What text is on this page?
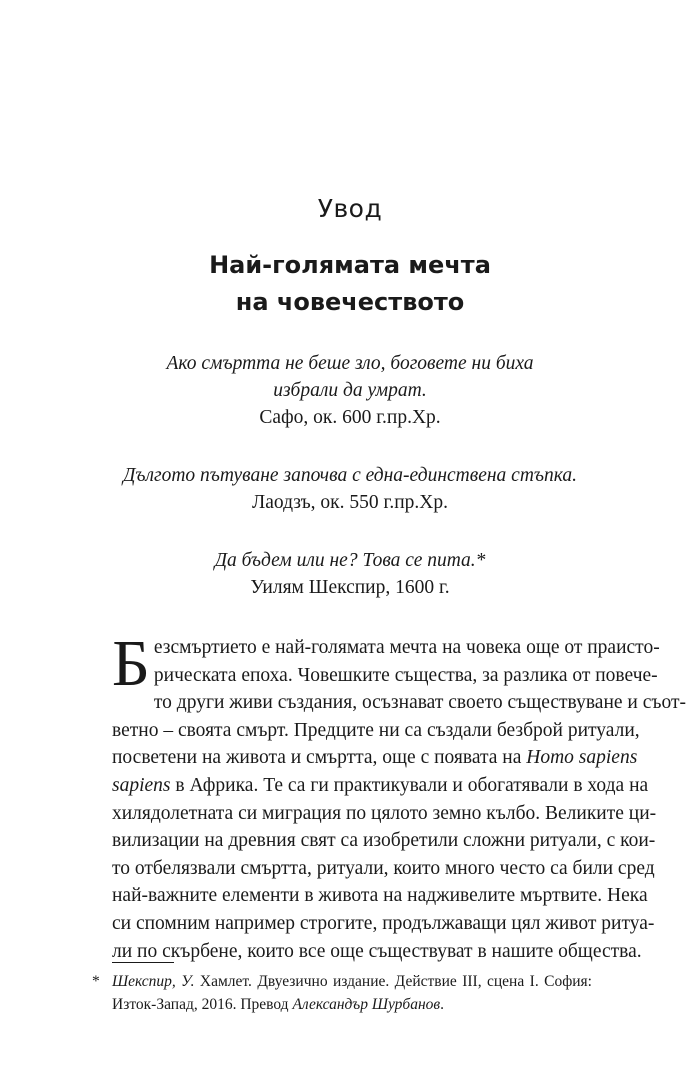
Увод
Най-голямата мечта
на човечеството
Ако смъртта не беше зло, боговете ни биха
избрали да умрат.
Сафо, ок. 600 г.пр.Хр.
Дългото пътуване започва с една-единствена стъпка.
Лаодзъ, ок. 550 г.пр.Хр.
Да бъдем или не? Това се пита.*
Уилям Шекспир, 1600 г.
Б езсмъртието е най-голямата мечта на човека още от праисто-
рическата епоха. Човешките същества, за разлика от повече-
то други живи създания, осъзнават своето съществуване и съот-
ветно – своята смърт. Предците ни са създали безброй ритуали,
посветени на живота и смъртта, още с появата на Homo sapiens
sapiens в Африка. Те са ги практикували и обогатявали в хода на
хилядолетната си миграция по цялото земно кълбо. Великите ци-
вилизации на древния свят са изобретили сложни ритуали, с кои-
то отбелязвали смъртта, ритуали, които много често са били сред
най-важните елементи в живота на надживелите мъртвите. Нека
си спомним например строгите, продължаващи цял живот ритуа-
ли по скърбене, които все още съществуват в нашите общества.
* Шекспир, У. Хамлет. Двуезично издание. Действие III, сцена I. София:
Изток-Запад, 2016. Превод Александър Шурбанов.
